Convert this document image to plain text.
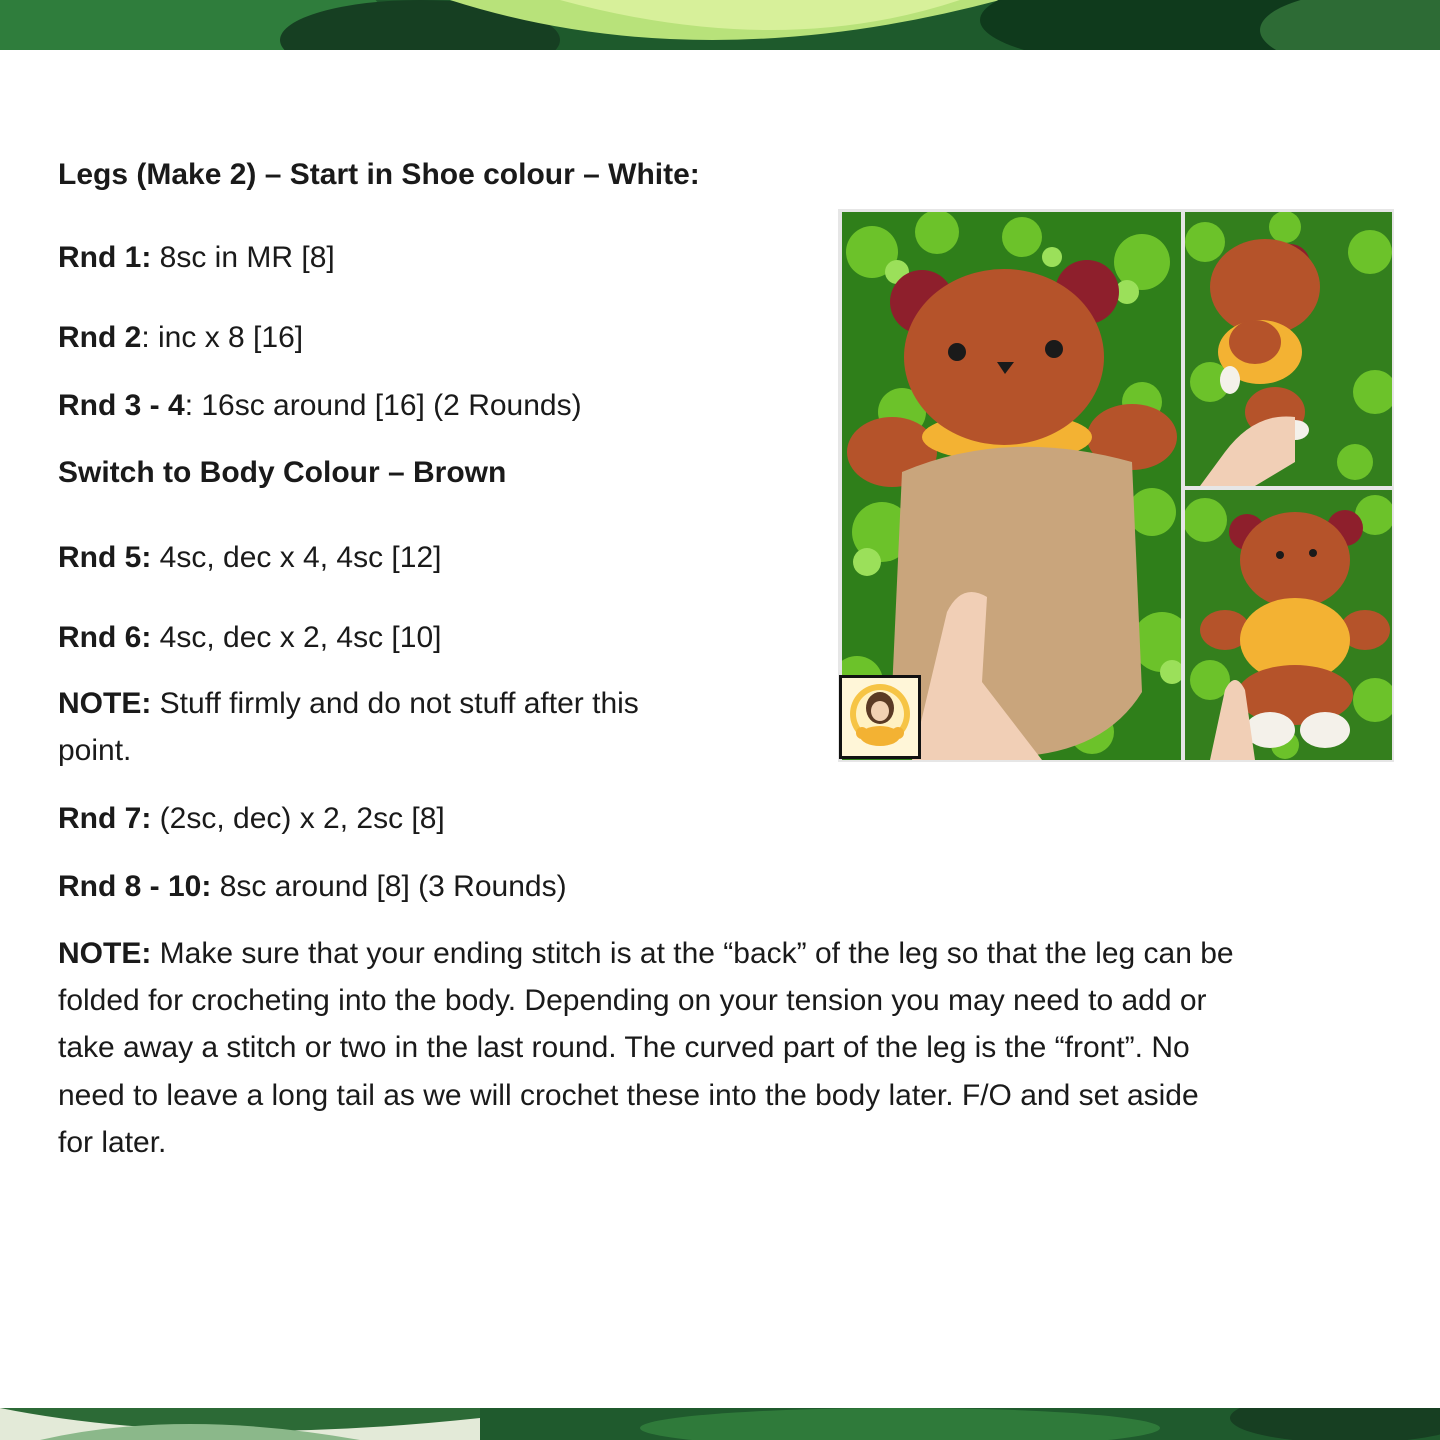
Legs (Make 2) – Start in Shoe colour – White:
Rnd 1: 8sc in MR [8]
Rnd 2: inc x 8 [16]
Rnd 3 - 4: 16sc around [16] (2 Rounds)
Switch to Body Colour – Brown
Rnd 5: 4sc, dec x 4, 4sc [12]
Rnd 6: 4sc, dec x 2, 4sc [10]
NOTE: Stuff firmly and do not stuff after this
point.
Rnd 7: (2sc, dec) x 2, 2sc [8]
Rnd 8 - 10: 8sc around [8] (3 Rounds)
NOTE: Make sure that your ending stitch is at the “back” of the leg so that the leg can be
folded for crocheting into the body. Depending on your tension you may need to add or
take away a stitch or two in the last round. The curved part of the leg is the “front”. No
need to leave a long tail as we will crochet these into the body later. F/O and set aside
for later.
